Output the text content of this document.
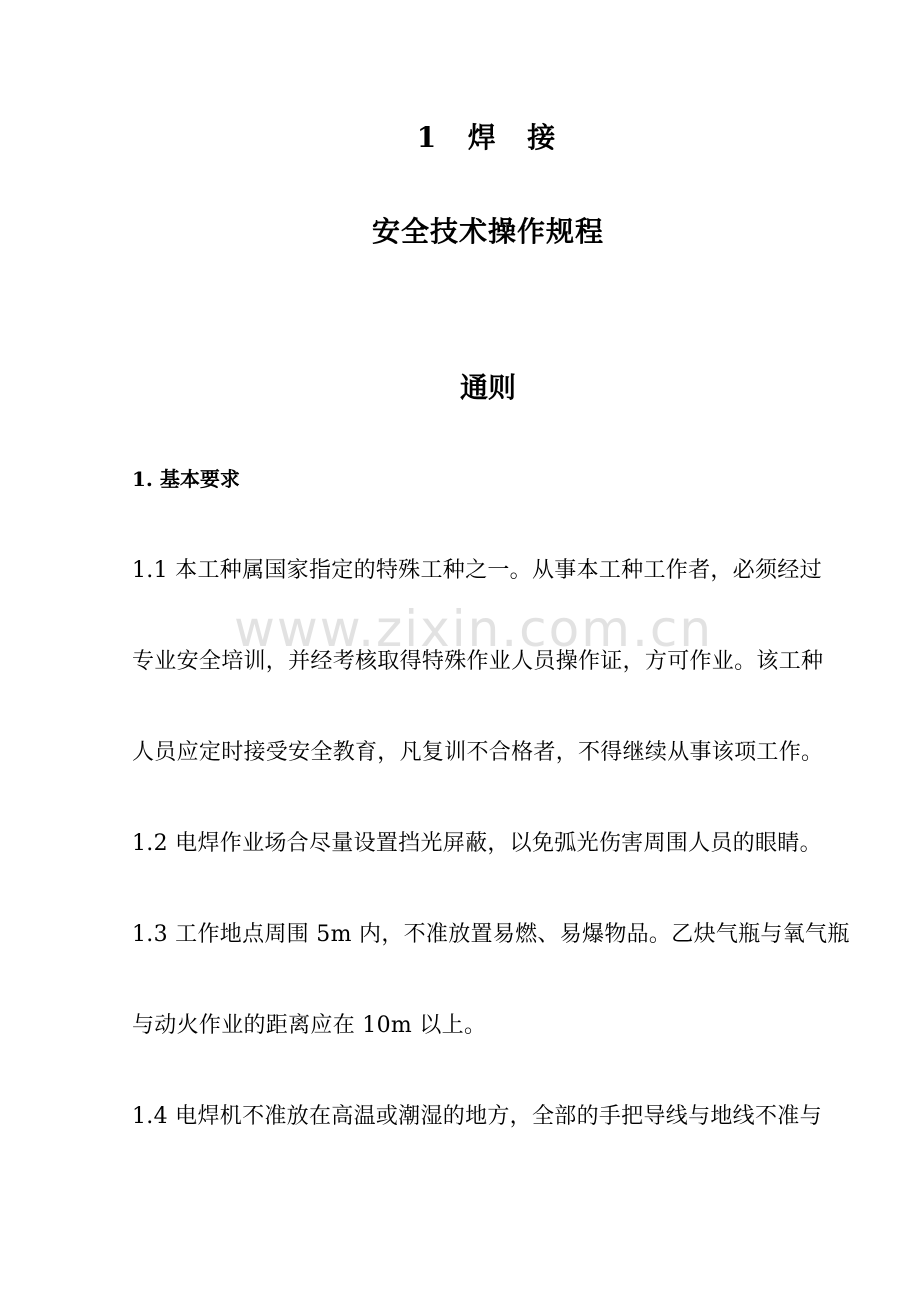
www.zixin.com.cn
1  焊  接
安全技术操作规程
通则
1. 基本要求
1.1 本工种属国家指定的特殊工种之一。从事本工种工作者，必须经过
专业安全培训，并经考核取得特殊作业人员操作证，方可作业。该工种
人员应定时接受安全教育，凡复训不合格者，不得继续从事该项工作。
1.2 电焊作业场合尽量设置挡光屏蔽，以免弧光伤害周围人员的眼睛。
1.3 工作地点周围 5m 内，不准放置易燃、易爆物品。乙炔气瓶与氧气瓶
与动火作业的距离应在 10m 以上。
1.4 电焊机不准放在高温或潮湿的地方，全部的手把导线与地线不准与
